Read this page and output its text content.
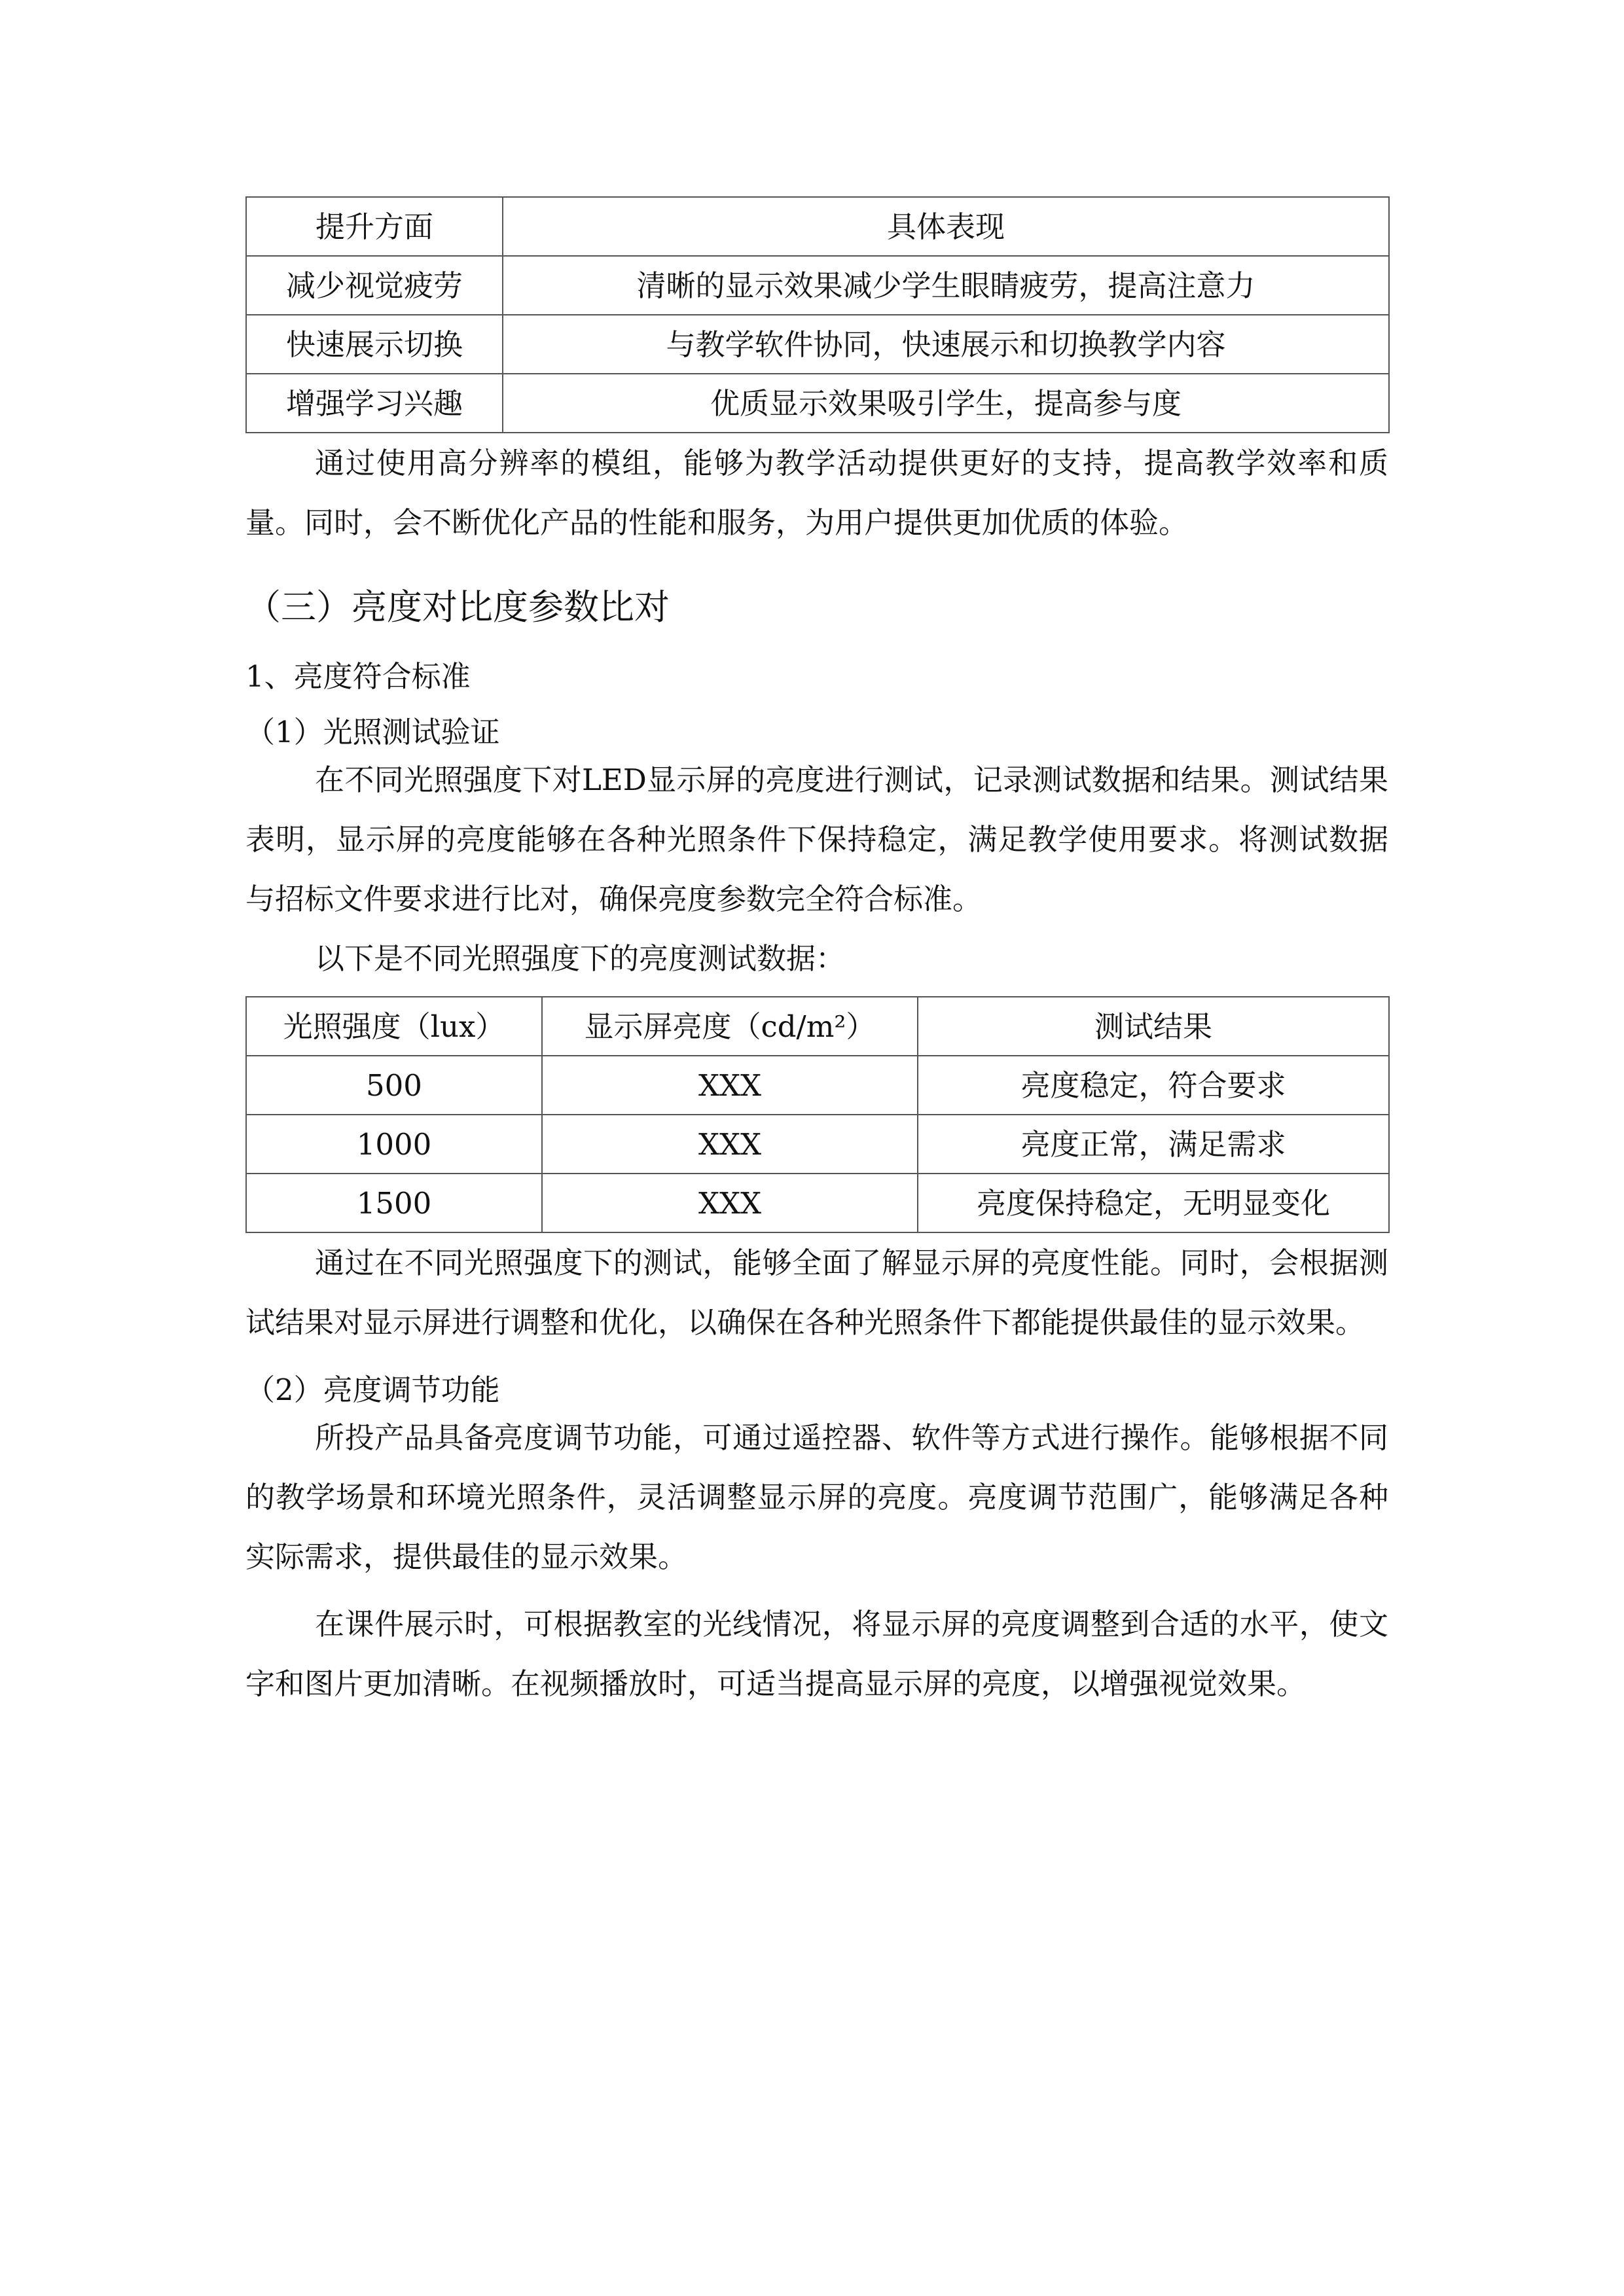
提升方面	具体表现
减少视觉疲劳	清晰的显示效果减少学生眼睛疲劳，提高注意力
快速展示切换	与教学软件协同，快速展示和切换教学内容
增强学习兴趣	优质显示效果吸引学生，提高参与度

通过使用高分辨率的模组，能够为教学活动提供更好的支持，提高教学效率和质量。同时，会不断优化产品的性能和服务，为用户提供更加优质的体验。

（三）亮度对比度参数比对
1、亮度符合标准
（1）光照测试验证

在不同光照强度下对LED显示屏的亮度进行测试，记录测试数据和结果。测试结果表明，显示屏的亮度能够在各种光照条件下保持稳定，满足教学使用要求。将测试数据与招标文件要求进行比对，确保亮度参数完全符合标准。

以下是不同光照强度下的亮度测试数据：

光照强度（lux）	显示屏亮度（cd/m²）	测试结果
500	XXX	亮度稳定，符合要求
1000	XXX	亮度正常，满足需求
1500	XXX	亮度保持稳定，无明显变化

通过在不同光照强度下的测试，能够全面了解显示屏的亮度性能。同时，会根据测试结果对显示屏进行调整和优化，以确保在各种光照条件下都能提供最佳的显示效果。

（2）亮度调节功能

所投产品具备亮度调节功能，可通过遥控器、软件等方式进行操作。能够根据不同的教学场景和环境光照条件，灵活调整显示屏的亮度。亮度调节范围广，能够满足各种实际需求，提供最佳的显示效果。

在课件展示时，可根据教室的光线情况，将显示屏的亮度调整到合适的水平，使文字和图片更加清晰。在视频播放时，可适当提高显示屏的亮度，以增强视觉效果。
